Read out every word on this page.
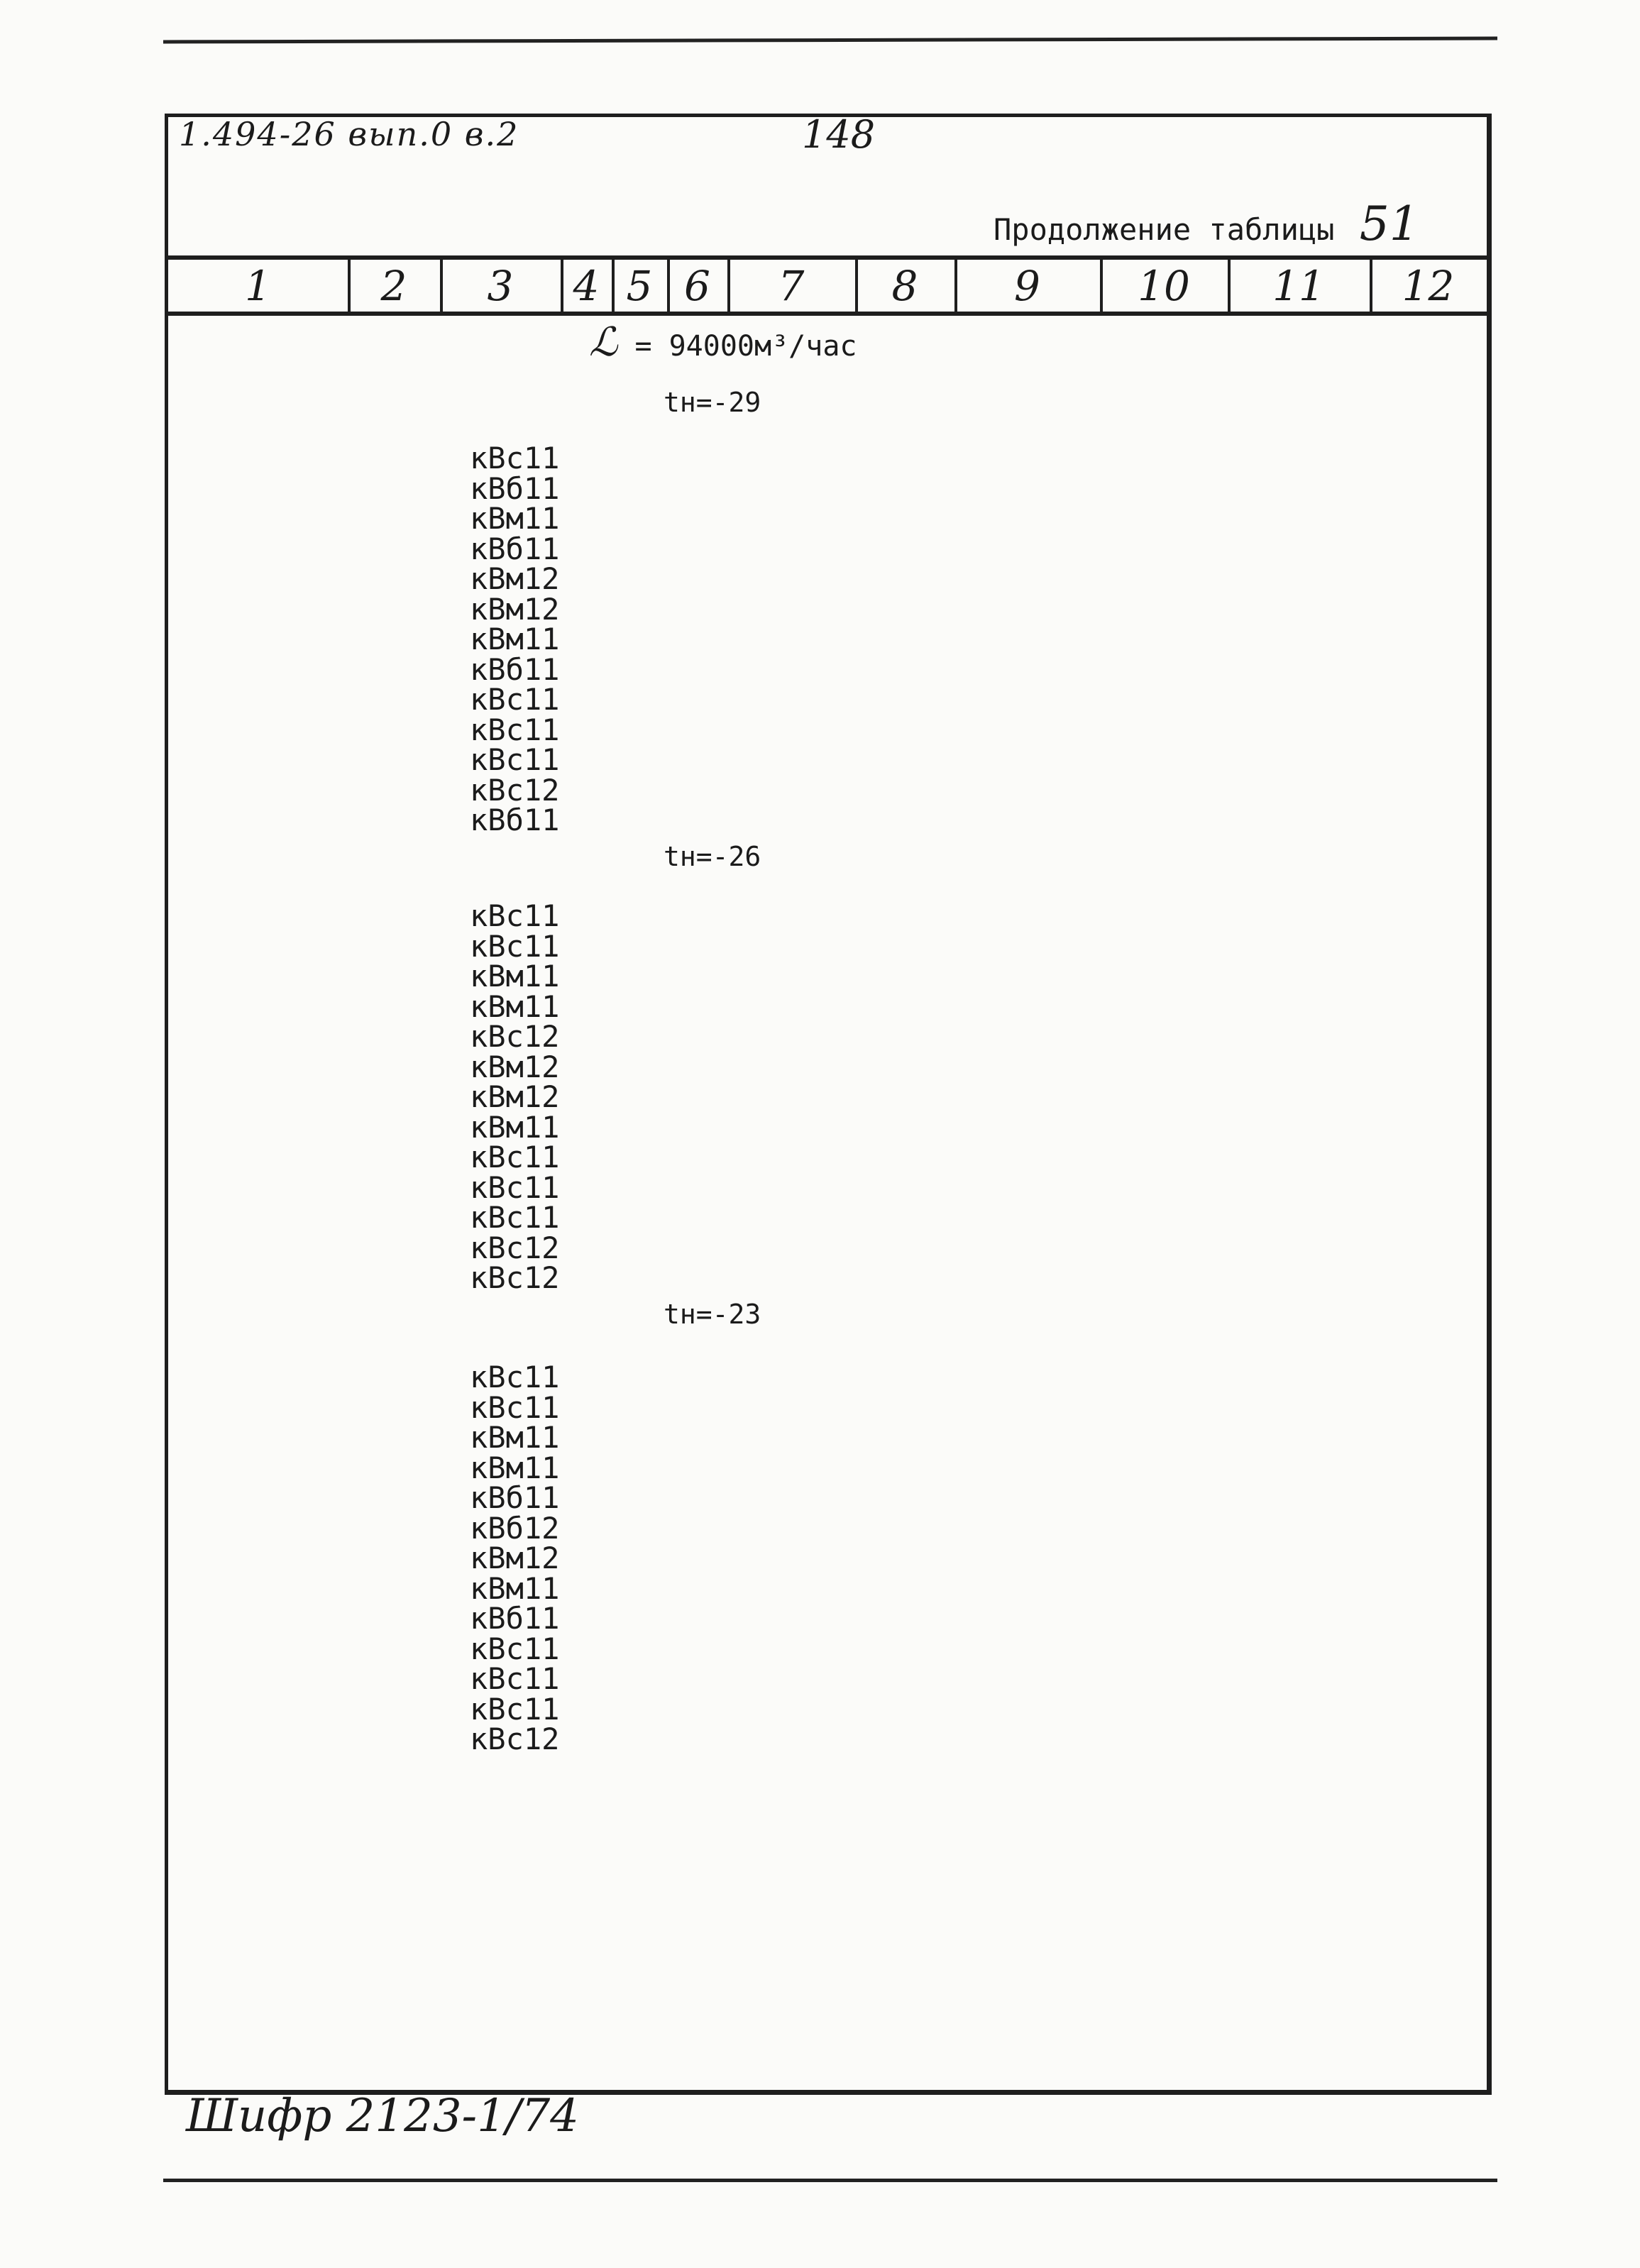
1.494-26 вып.0 в.2	148
Продолжение таблицы 51
1	2	3	4 5 6	7	8	9	10	11	12
ℒ = 94000м³/час
tн=-29
кВс11
кВб11
кВм11
кВб11
кВм12
кВм12
кВм11
кВб11
кВс11
кВс11
кВс11
кВс12
кВб11
tн=-26
кВс11
кВс11
кВм11
кВм11
кВс12
кВм12
кВм12
кВм11
кВс11
кВс11
кВс11
кВс12
кВс12
tн=-23
кВс11
кВс11
кВм11
кВм11
кВб11
кВб12
кВм12
кВм11
кВб11
кВс11
кВс11
кВс11
кВс12
Шифр 2123-1/74
